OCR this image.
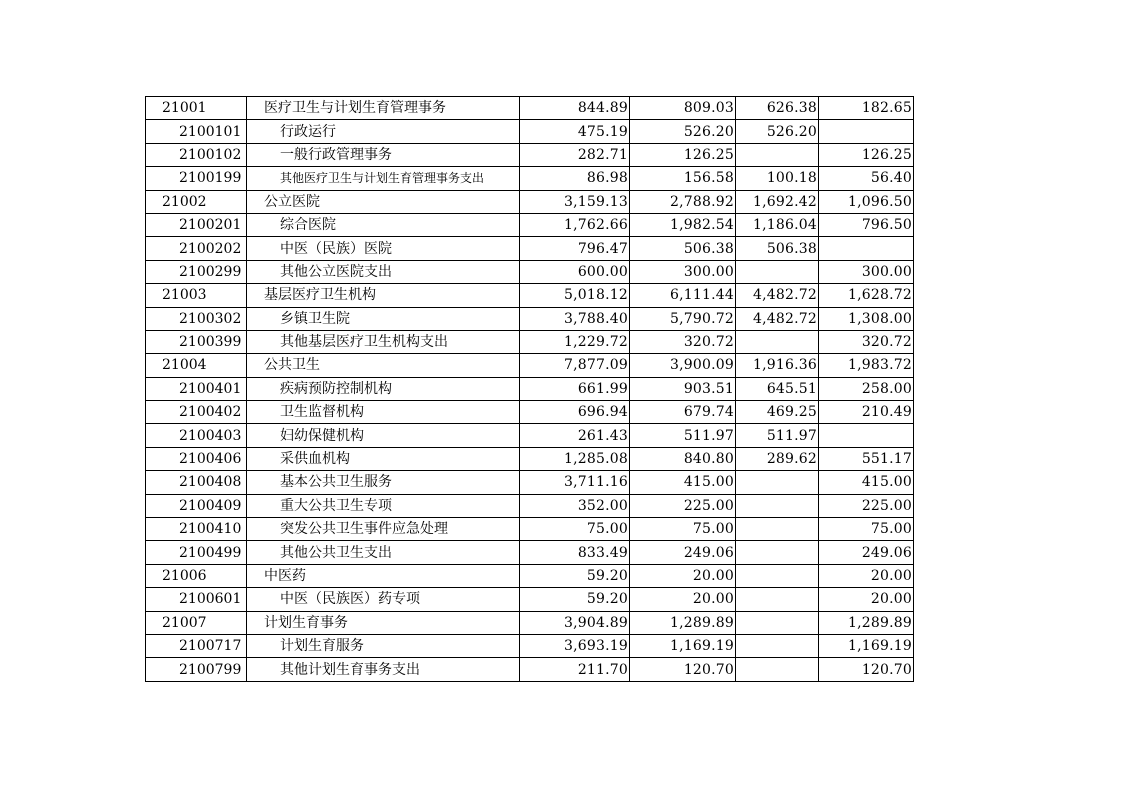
21001	医疗卫生与计划生育管理事务	844.89	809.03	626.38	182.65
2100101	行政运行	475.19	526.20	526.20	
2100102	一般行政管理事务	282.71	126.25		126.25
2100199	其他医疗卫生与计划生育管理事务支出	86.98	156.58	100.18	56.40
21002	公立医院	3,159.13	2,788.92	1,692.42	1,096.50
2100201	综合医院	1,762.66	1,982.54	1,186.04	796.50
2100202	中医（民族）医院	796.47	506.38	506.38	
2100299	其他公立医院支出	600.00	300.00		300.00
21003	基层医疗卫生机构	5,018.12	6,111.44	4,482.72	1,628.72
2100302	乡镇卫生院	3,788.40	5,790.72	4,482.72	1,308.00
2100399	其他基层医疗卫生机构支出	1,229.72	320.72		320.72
21004	公共卫生	7,877.09	3,900.09	1,916.36	1,983.72
2100401	疾病预防控制机构	661.99	903.51	645.51	258.00
2100402	卫生监督机构	696.94	679.74	469.25	210.49
2100403	妇幼保健机构	261.43	511.97	511.97	
2100406	采供血机构	1,285.08	840.80	289.62	551.17
2100408	基本公共卫生服务	3,711.16	415.00		415.00
2100409	重大公共卫生专项	352.00	225.00		225.00
2100410	突发公共卫生事件应急处理	75.00	75.00		75.00
2100499	其他公共卫生支出	833.49	249.06		249.06
21006	中医药	59.20	20.00		20.00
2100601	中医（民族医）药专项	59.20	20.00		20.00
21007	计划生育事务	3,904.89	1,289.89		1,289.89
2100717	计划生育服务	3,693.19	1,169.19		1,169.19
2100799	其他计划生育事务支出	211.70	120.70		120.70
